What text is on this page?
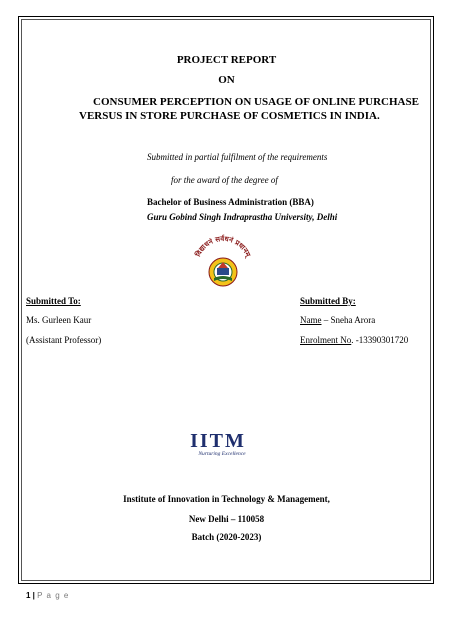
PROJECT REPORT
ON
CONSUMER PERCEPTION ON USAGE OF ONLINE PURCHASE
VERSUS IN STORE PURCHASE OF COSMETICS IN INDIA.
Submitted in partial fulfilment of the requirements
for the award of the degree of
Bachelor of Business Administration (BBA)
Guru Gobind Singh Indraprastha University, Delhi
विद्याधनं सर्वधनं प्रधानम्
Submitted To:
Ms. Gurleen Kaur
(Assistant Professor)
Submitted By:
Name – Sneha Arora
Enrolment No. -13390301720
IITM
Nurturing Excellence
Institute of Innovation in Technology & Management,
New Delhi – 110058
Batch (2020-2023)
1 | P a g e
